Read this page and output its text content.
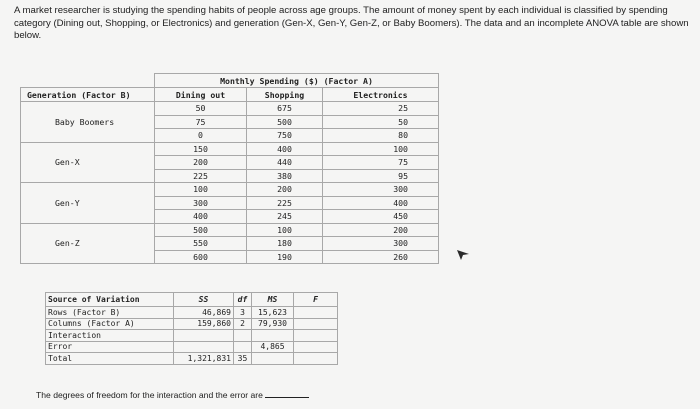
A market researcher is studying the spending habits of people across age groups. The amount of money spent by each individual is classified by spending category (Dining out, Shopping, or Electronics) and generation (Gen-X, Gen-Y, Gen-Z, or Baby Boomers). The data and an incomplete ANOVA table are shown below.
	Monthly Spending ($) (Factor A)		
Generation (Factor B)	Dining out	Shopping	Electronics
Baby Boomers	50	675	25
	75	500	50
	0	750	80
Gen-X	150	400	100
	200	440	75
	225	380	95
Gen-Y	100	200	300
	300	225	400
	400	245	450
Gen-Z	500	100	200
	550	180	300
	600	190	260
Source of Variation	SS	df	MS	F
Rows (Factor B)	46,869	3	15,623	
Columns (Factor A)	159,860	2	79,930	
Interaction				
Error			4,865	
Total	1,321,831	35		
The degrees of freedom for the interaction and the error are
